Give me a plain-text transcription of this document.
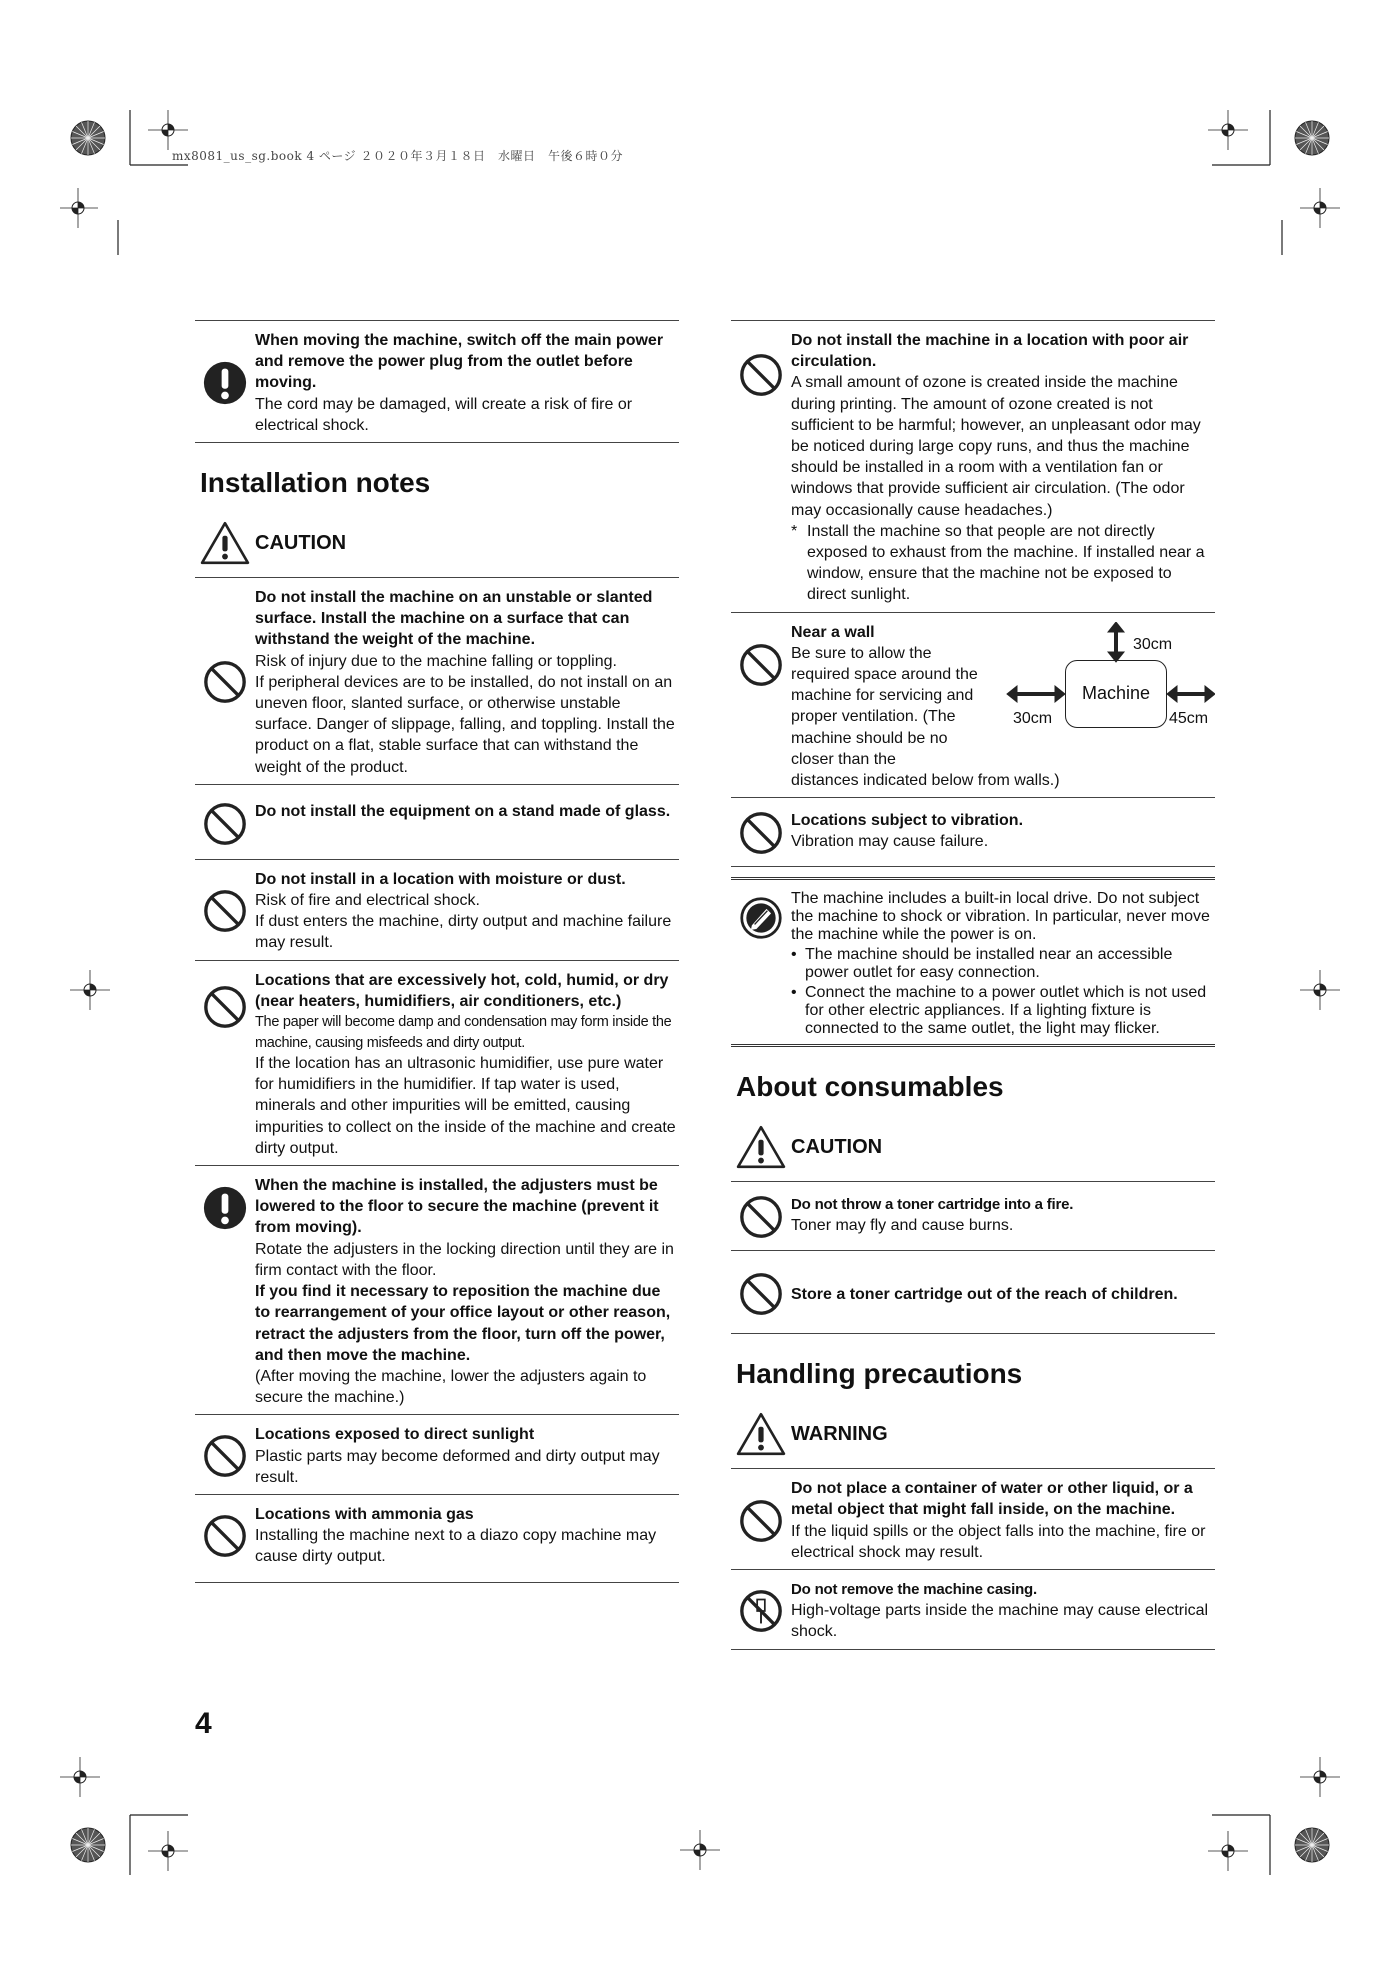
mx8081_us_sg.book 4 ページ ２０２０年３月１８日　水曜日　午後６時０分
When moving the machine, switch off the main power and remove the power plug from the outlet before moving.
The cord may be damaged, will create a risk of fire or electrical shock.
Installation notes
CAUTION
Do not install the machine on an unstable or slanted surface. Install the machine on a surface that can withstand the weight of the machine.
Risk of injury due to the machine falling or toppling.
If peripheral devices are to be installed, do not install on an uneven floor, slanted surface, or otherwise unstable surface. Danger of slippage, falling, and toppling. Install the product on a flat, stable surface that can withstand the weight of the product.
Do not install the equipment on a stand made of glass.
Do not install in a location with moisture or dust.
Risk of fire and electrical shock.
If dust enters the machine, dirty output and machine failure may result.
Locations that are excessively hot, cold, humid, or dry (near heaters, humidifiers, air conditioners, etc.)
The paper will become damp and condensation may form inside the machine, causing misfeeds and dirty output.
If the location has an ultrasonic humidifier, use pure water for humidifiers in the humidifier. If tap water is used, minerals and other impurities will be emitted, causing impurities to collect on the inside of the machine and create dirty output.
When the machine is installed, the adjusters must be lowered to the floor to secure the machine (prevent it from moving).
Rotate the adjusters in the locking direction until they are in firm contact with the floor.
If you find it necessary to reposition the machine due to rearrangement of your office layout or other reason, retract the adjusters from the floor, turn off the power, and then move the machine.
(After moving the machine, lower the adjusters again to secure the machine.)
Locations exposed to direct sunlight
Plastic parts may become deformed and dirty output may result.
Locations with ammonia gas
Installing the machine next to a diazo copy machine may cause dirty output.
Do not install the machine in a location with poor air circulation.
A small amount of ozone is created inside the machine during printing. The amount of ozone created is not sufficient to be harmful; however, an unpleasant odor may be noticed during large copy runs, and thus the machine should be installed in a room with a ventilation fan or windows that provide sufficient air circulation. (The odor may occasionally cause headaches.)
* Install the machine so that people are not directly exposed to exhaust from the machine. If installed near a window, ensure that the machine not be exposed to direct sunlight.
Near a wall
Be sure to allow the required space around the machine for servicing and proper ventilation. (The machine should be no closer than the
Machine
30cm
30cm	45cm
distances indicated below from walls.)
Locations subject to vibration.
Vibration may cause failure.
The machine includes a built-in local drive. Do not subject the machine to shock or vibration. In particular, never move the machine while the power is on.
• The machine should be installed near an accessible power outlet for easy connection.
• Connect the machine to a power outlet which is not used for other electric appliances. If a lighting fixture is connected to the same outlet, the light may flicker.
About consumables
CAUTION
Do not throw a toner cartridge into a fire.
Toner may fly and cause burns.
Store a toner cartridge out of the reach of children.
Handling precautions
WARNING
Do not place a container of water or other liquid, or a metal object that might fall inside, on the machine.
If the liquid spills or the object falls into the machine, fire or electrical shock may result.
Do not remove the machine casing.
High-voltage parts inside the machine may cause electrical shock.
4
